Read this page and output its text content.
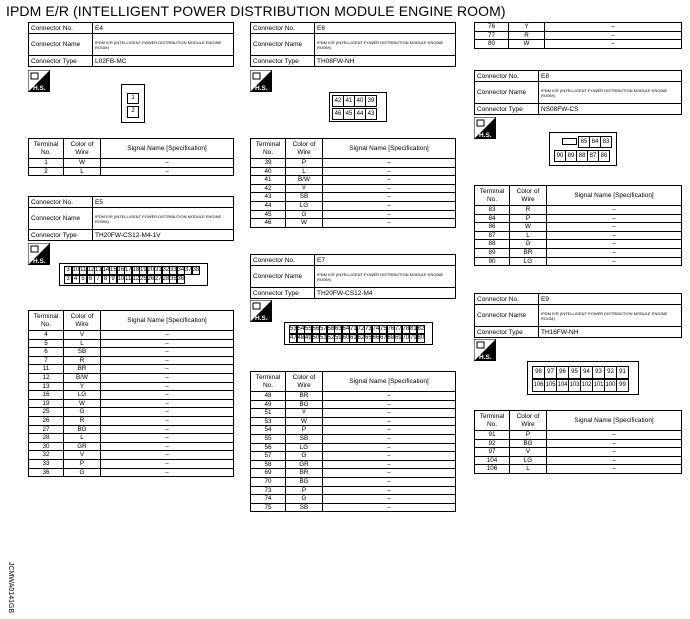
IPDM E/R (INTELLIGENT POWER DISTRIBUTION MODULE ENGINE ROOM)
Connector No.	E4
Connector Name	IPDM E/R (INTELLIGENT POWER DISTRIBUTION MODULE ENGINE ROOM)
Connector Type	L02FB-MC
H.S.
1
2
Terminal No.	Color of Wire	Signal Name [Specification]
1	W	–
2	L	–
Connector No.	E5
Connector Name	IPDM E/R (INTELLIGENT POWER DISTRIBUTION MODULE ENGINE ROOM)
Connector Type	TH20FW-CS12-M4-1V
H.S.
3 10 11 12 13 14 15 16 17 18 19 20 31 32 33 34 37 38
3 4 5 6 7 8 9 10 11 12 25 26 27 28 35 36
Terminal No.	Color of Wire	Signal Name [Specification]
4	V	–
5	L	–
6	SB	–
7	R	–
11	BR	–
12	B/W	–
13	Y	–
16	LG	–
19	W	–
25	G	–
26	R	–
27	BG	–
28	L	–
30	GR	–
32	V	–
33	P	–
36	G	–
Connector No.	E6
Connector Name	IPDM E/R (INTELLIGENT POWER DISTRIBUTION MODULE ENGINE ROOM)
Connector Type	TH08FW-NH
H.S.
42 41 40 39
46 45 44 43
Terminal No.	Color of Wire	Signal Name [Specification]
39	P	–
40	L	–
41	B/W	–
42	Y	–
43	SB	–
44	LG	–
45	G	–
46	W	–
Connector No.	E7
Connector Name	IPDM E/R (INTELLIGENT POWER DISTRIBUTION MODULE ENGINE ROOM)
Connector Type	TH20FW-CS12-M4
H.S.
53 54 55 56 57 58 63 64 71 72 73 74 75 76 77 78 81 82
47 48 49 50 51 52 59 60 61 62 65 66 67 68 69 70 79 80
Terminal No.	Color of Wire	Signal Name [Specification]
48	BR	–
49	BG	–
51	Y	–
53	W	–
54	P	–
55	SB	–
56	LG	–
57	G	–
58	GR	–
69	BR	–
70	BG	–
73	P	–
74	G	–
75	SB	–
76	Y	–
77	R	–
80	W	–
Connector No.	E8
Connector Name	IPDM E/R (INTELLIGENT POWER DISTRIBUTION MODULE ENGINE ROOM)
Connector Type	NS08FW-CS
H.S.
85 84 83
90 89 88 87 86
Terminal No.	Color of Wire	Signal Name [Specification]
83	R	–
84	P	–
86	W	–
87	L	–
88	G	–
89	BR	–
90	LG	–
Connector No.	E9
Connector Name	IPDM E/R (INTELLIGENT POWER DISTRIBUTION MODULE ENGINE ROOM)
Connector Type	TH16FW-NH
H.S.
98 97 96 95 94 93 92 91
106 105 104 103 102 101 100 99
Terminal No.	Color of Wire	Signal Name [Specification]
91	P	–
92	BG	–
97	V	–
104	LG	–
106	L	–
JCMWA0141GB
